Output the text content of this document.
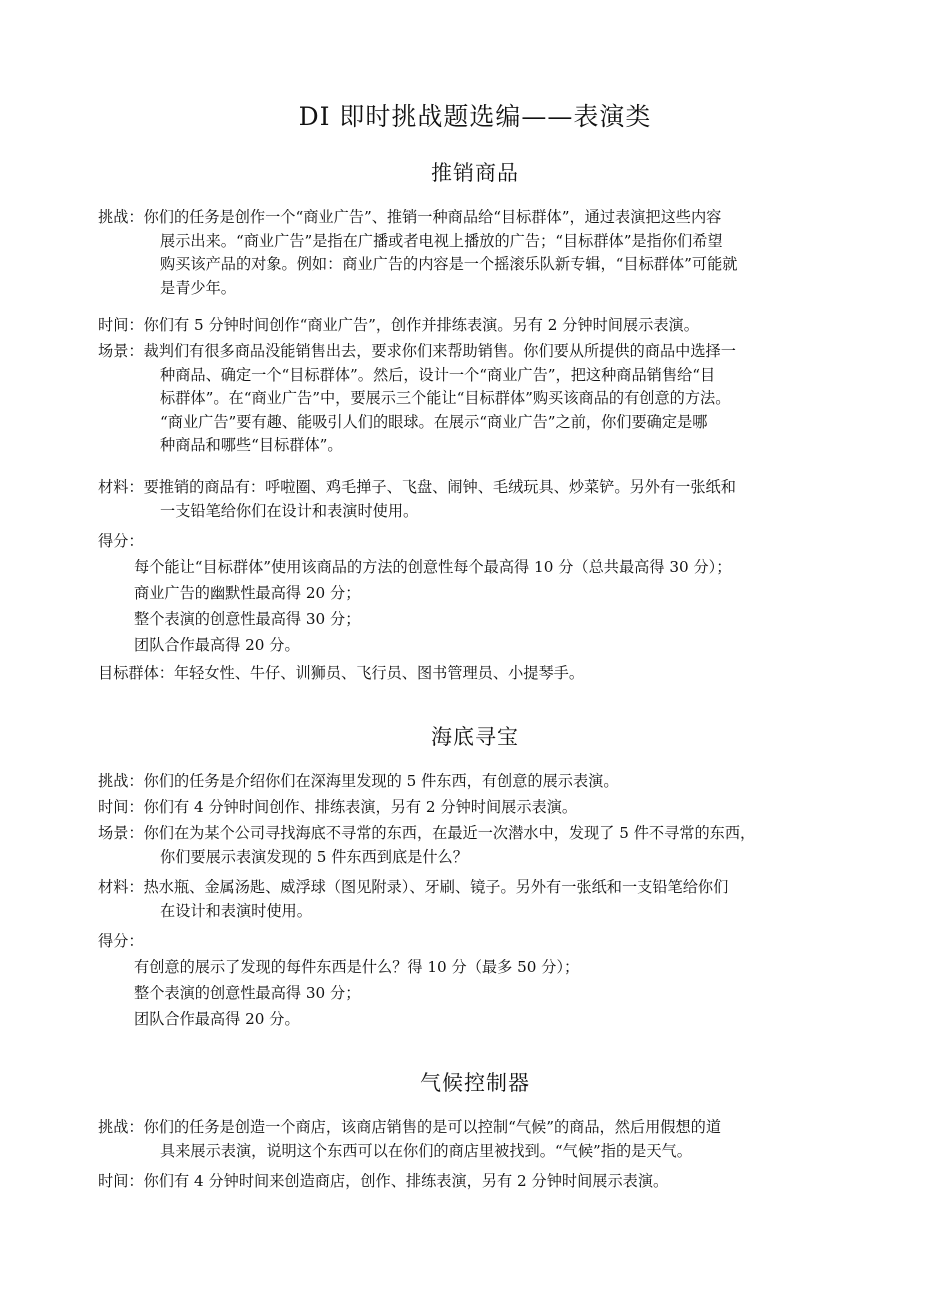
DI 即时挑战题选编——表演类
推销商品
挑战：你们的任务是创作一个“商业广告”、推销一种商品给“目标群体”，通过表演把这些内容
展示出来。“商业广告”是指在广播或者电视上播放的广告；“目标群体”是指你们希望
购买该产品的对象。例如：商业广告的内容是一个摇滚乐队新专辑，“目标群体”可能就
是青少年。
时间：你们有 5 分钟时间创作“商业广告”，创作并排练表演。另有 2 分钟时间展示表演。
场景：裁判们有很多商品没能销售出去，要求你们来帮助销售。你们要从所提供的商品中选择一
种商品、确定一个“目标群体”。然后，设计一个“商业广告”，把这种商品销售给“目
标群体”。在“商业广告”中，要展示三个能让“目标群体”购买该商品的有创意的方法。
“商业广告”要有趣、能吸引人们的眼球。在展示“商业广告”之前，你们要确定是哪
种商品和哪些“目标群体”。
材料：要推销的商品有：呼啦圈、鸡毛掸子、飞盘、闹钟、毛绒玩具、炒菜铲。另外有一张纸和
一支铅笔给你们在设计和表演时使用。
得分：
每个能让“目标群体”使用该商品的方法的创意性每个最高得 10 分（总共最高得 30 分）；
商业广告的幽默性最高得 20 分；
整个表演的创意性最高得 30 分；
团队合作最高得 20 分。
目标群体：年轻女性、牛仔、训狮员、飞行员、图书管理员、小提琴手。
海底寻宝
挑战：你们的任务是介绍你们在深海里发现的 5 件东西，有创意的展示表演。
时间：你们有 4 分钟时间创作、排练表演，另有 2 分钟时间展示表演。
场景：你们在为某个公司寻找海底不寻常的东西，在最近一次潜水中，发现了 5 件不寻常的东西，
你们要展示表演发现的 5 件东西到底是什么？
材料：热水瓶、金属汤匙、威浮球（图见附录）、牙刷、镜子。另外有一张纸和一支铅笔给你们
在设计和表演时使用。
得分：
有创意的展示了发现的每件东西是什么？得 10 分（最多 50 分）；
整个表演的创意性最高得 30 分；
团队合作最高得 20 分。
气候控制器
挑战：你们的任务是创造一个商店，该商店销售的是可以控制“气候”的商品，然后用假想的道
具来展示表演，说明这个东西可以在你们的商店里被找到。“气候”指的是天气。
时间：你们有 4 分钟时间来创造商店，创作、排练表演，另有 2 分钟时间展示表演。
